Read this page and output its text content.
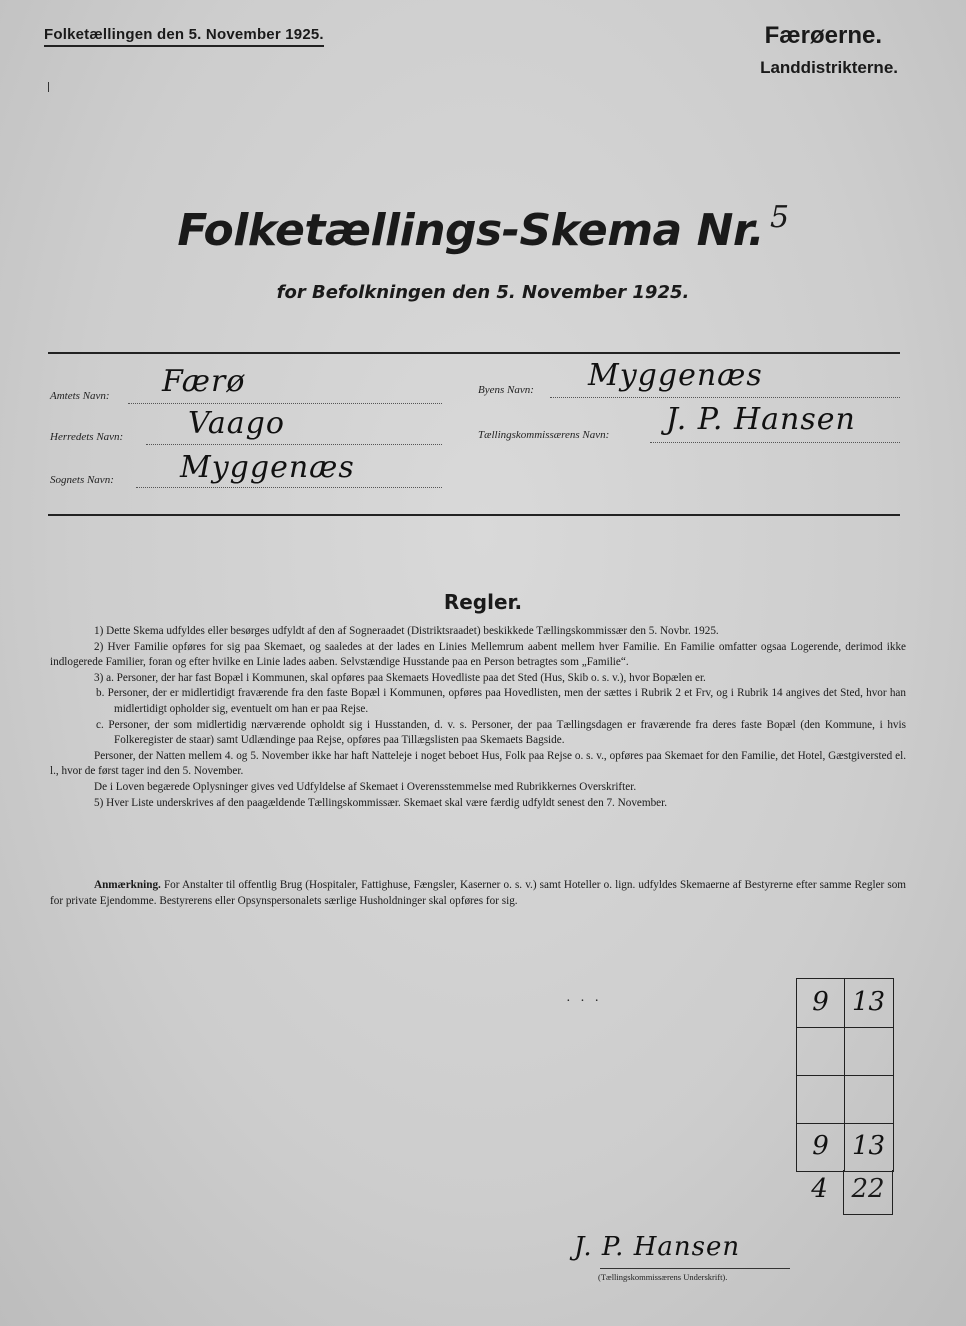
Folketællingen den 5. November 1925.	Færøerne.
Landdistrikterne.
Folketællings-Skema Nr. $^5$
for Befolkningen den 5. November 1925.
Amtets Navn: Færø
Herredets Navn: Vaago
Sognets Navn: Myggenæs
Byens Navn: Myggenæs
Tællingskommissærens Navn: J. P. Hansen
Regler.

1) Dette Skema udfyldes eller besørges udfyldt af den af Sogneraadet (Distriktsraadet) beskikkede Tællingskommissær den 5. Novbr. 1925.

2) Hver Familie opføres for sig paa Skemaet, og saaledes at der lades en Linies Mellemrum aabent mellem hver Familie. En Familie omfatter ogsaa Logerende, derimod ikke indlogerede Familier, foran og efter hvilke en Linie lades aaben. Selvstændige Husstande paa en Person betragtes som „Familie“.

3) a. Personer, der har fast Bopæl i Kommunen, skal opføres paa Skemaets Hovedliste paa det Sted (Hus, Skib o. s. v.), hvor Bopælen er.

b. Personer, der er midlertidigt fraværende fra den faste Bopæl i Kommunen, opføres paa Hovedlisten, men der sættes i Rubrik 2 et Frv, og i Rubrik 14 angives det Sted, hvor han midlertidigt opholder sig, eventuelt om han er paa Rejse.

c. Personer, der som midlertidig nærværende opholdt sig i Husstanden, d. v. s. Personer, der paa Tællingsdagen er fraværende fra deres faste Bopæl (den Kommune, i hvis Folkeregister de staar) samt Udlændinge paa Rejse, opføres paa Tillægslisten paa Skemaets Bagside.

Personer, der Natten mellem 4. og 5. November ikke har haft Natteleje i noget beboet Hus, Folk paa Rejse o. s. v., opføres paa Skemaet for den Familie, det Hotel, Gæstgiversted el. l., hvor de først tager ind den 5. November.

De i Loven begærede Oplysninger gives ved Udfyldelse af Skemaet i Overensstemmelse med Rubrikkernes Overskrifter.

5) Hver Liste underskrives af den paagældende Tællingskommissær. Skemaet skal være færdig udfyldt senest den 7. November.

Anmærkning. For Anstalter til offentlig Brug (Hospitaler, Fattighuse, Fængsler, Kaserner o. s. v.) samt Hoteller o. lign. udfyldes Skemaerne af Bestyrerne efter samme Regler som for private Ejendomme. Bestyrerens eller Opsynspersonalets særlige Husholdninger skal opføres for sig.
· · ·	9 13
9 13
4 22
J. P. Hansen
(Tællingskommissærens Underskrift).
